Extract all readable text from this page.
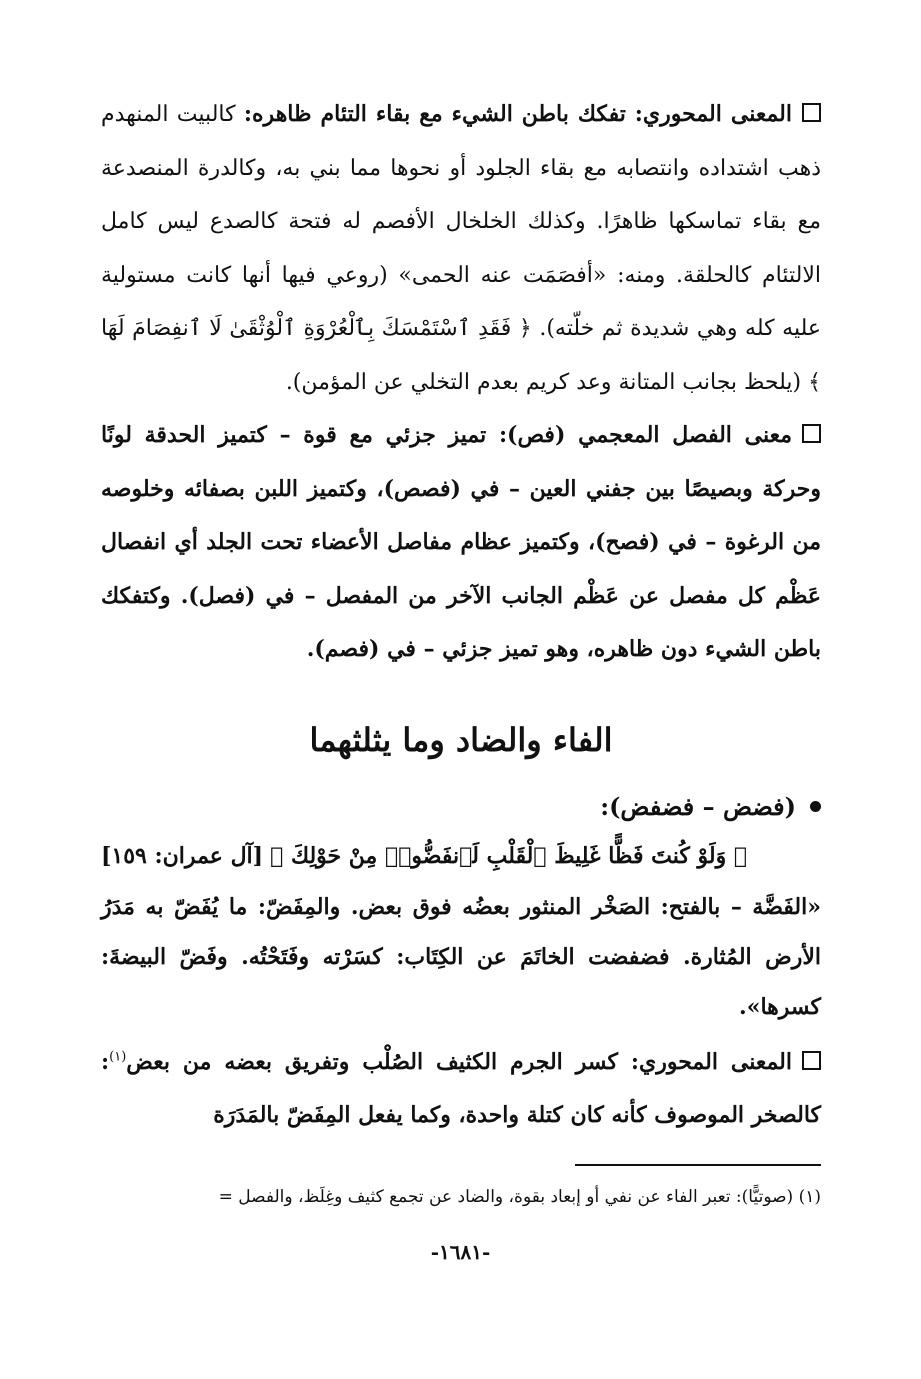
المعنى المحوري: تفكك باطن الشيء مع بقاء التئام ظاهره: كالبيت المنهدم ذهب اشتداده وانتصابه مع بقاء الجلود أو نحوها مما بني به، وكالدرة المنصدعة مع بقاء تماسكها ظاهرًا. وكذلك الخلخال الأفصم له فتحة كالصدع ليس كامل الالتئام كالحلقة. ومنه: «أفصَمَت عنه الحمى» (روعي فيها أنها كانت مستولية عليه كله وهي شديدة ثم خلّته). ﴿ فَقَدِ ٱسْتَمْسَكَ بِٱلْعُرْوَةِ ٱلْوُثْقَىٰ لَا ٱنفِصَامَ لَهَا ﴾ (يلحظ بجانب المتانة وعد كريم بعدم التخلي عن المؤمن).

معنى الفصل المعجمي (فص): تميز جزئي مع قوة – كتميز الحدقة لونًا وحركة وبصيصًا بين جفني العين – في (فصص)، وكتميز اللبن بصفائه وخلوصه من الرغوة – في (فصح)، وكتميز عظام مفاصل الأعضاء تحت الجلد أي انفصال عَظْم كل مفصل عن عَظْم الجانب الآخر من المفصل – في (فصل). وكتفكك باطن الشيء دون ظاهره، وهو تميز جزئي – في (فصم).

الفاء والضاد وما يثلثهما

(فضض – فضفض):

﴿ وَلَوْ كُنتَ فَظًّا غَلِيظَ ٱلْقَلْبِ لَٱنفَضُّوا۟ مِنْ حَوْلِكَ ﴾ [آل عمران: ١٥٩]

«الفَضَّة – بالفتح: الصَخْر المنثور بعضُه فوق بعض. والمِفَضّ: ما يُفَضّ به مَدَرُ الأرض المُثارة. فضفضت الخاتَمَ عن الكِتَاب: كسَرْته وفَتَحْتُه. وفَضّ البيضةَ: كسرها».

المعنى المحوري: كسر الجرم الكثيف الصُلْب وتفريق بعضه من بعض$^{(١)}$: كالصخر الموصوف كأنه كان كتلة واحدة، وكما يفعل المِفَضّ بالمَدَرَة

(١) (صوتيًّا): تعبر الفاء عن نفي أو إبعاد بقوة، والضاد عن تجمع كثيف وغِلَظ، والفصل =

-١٦٨١-
